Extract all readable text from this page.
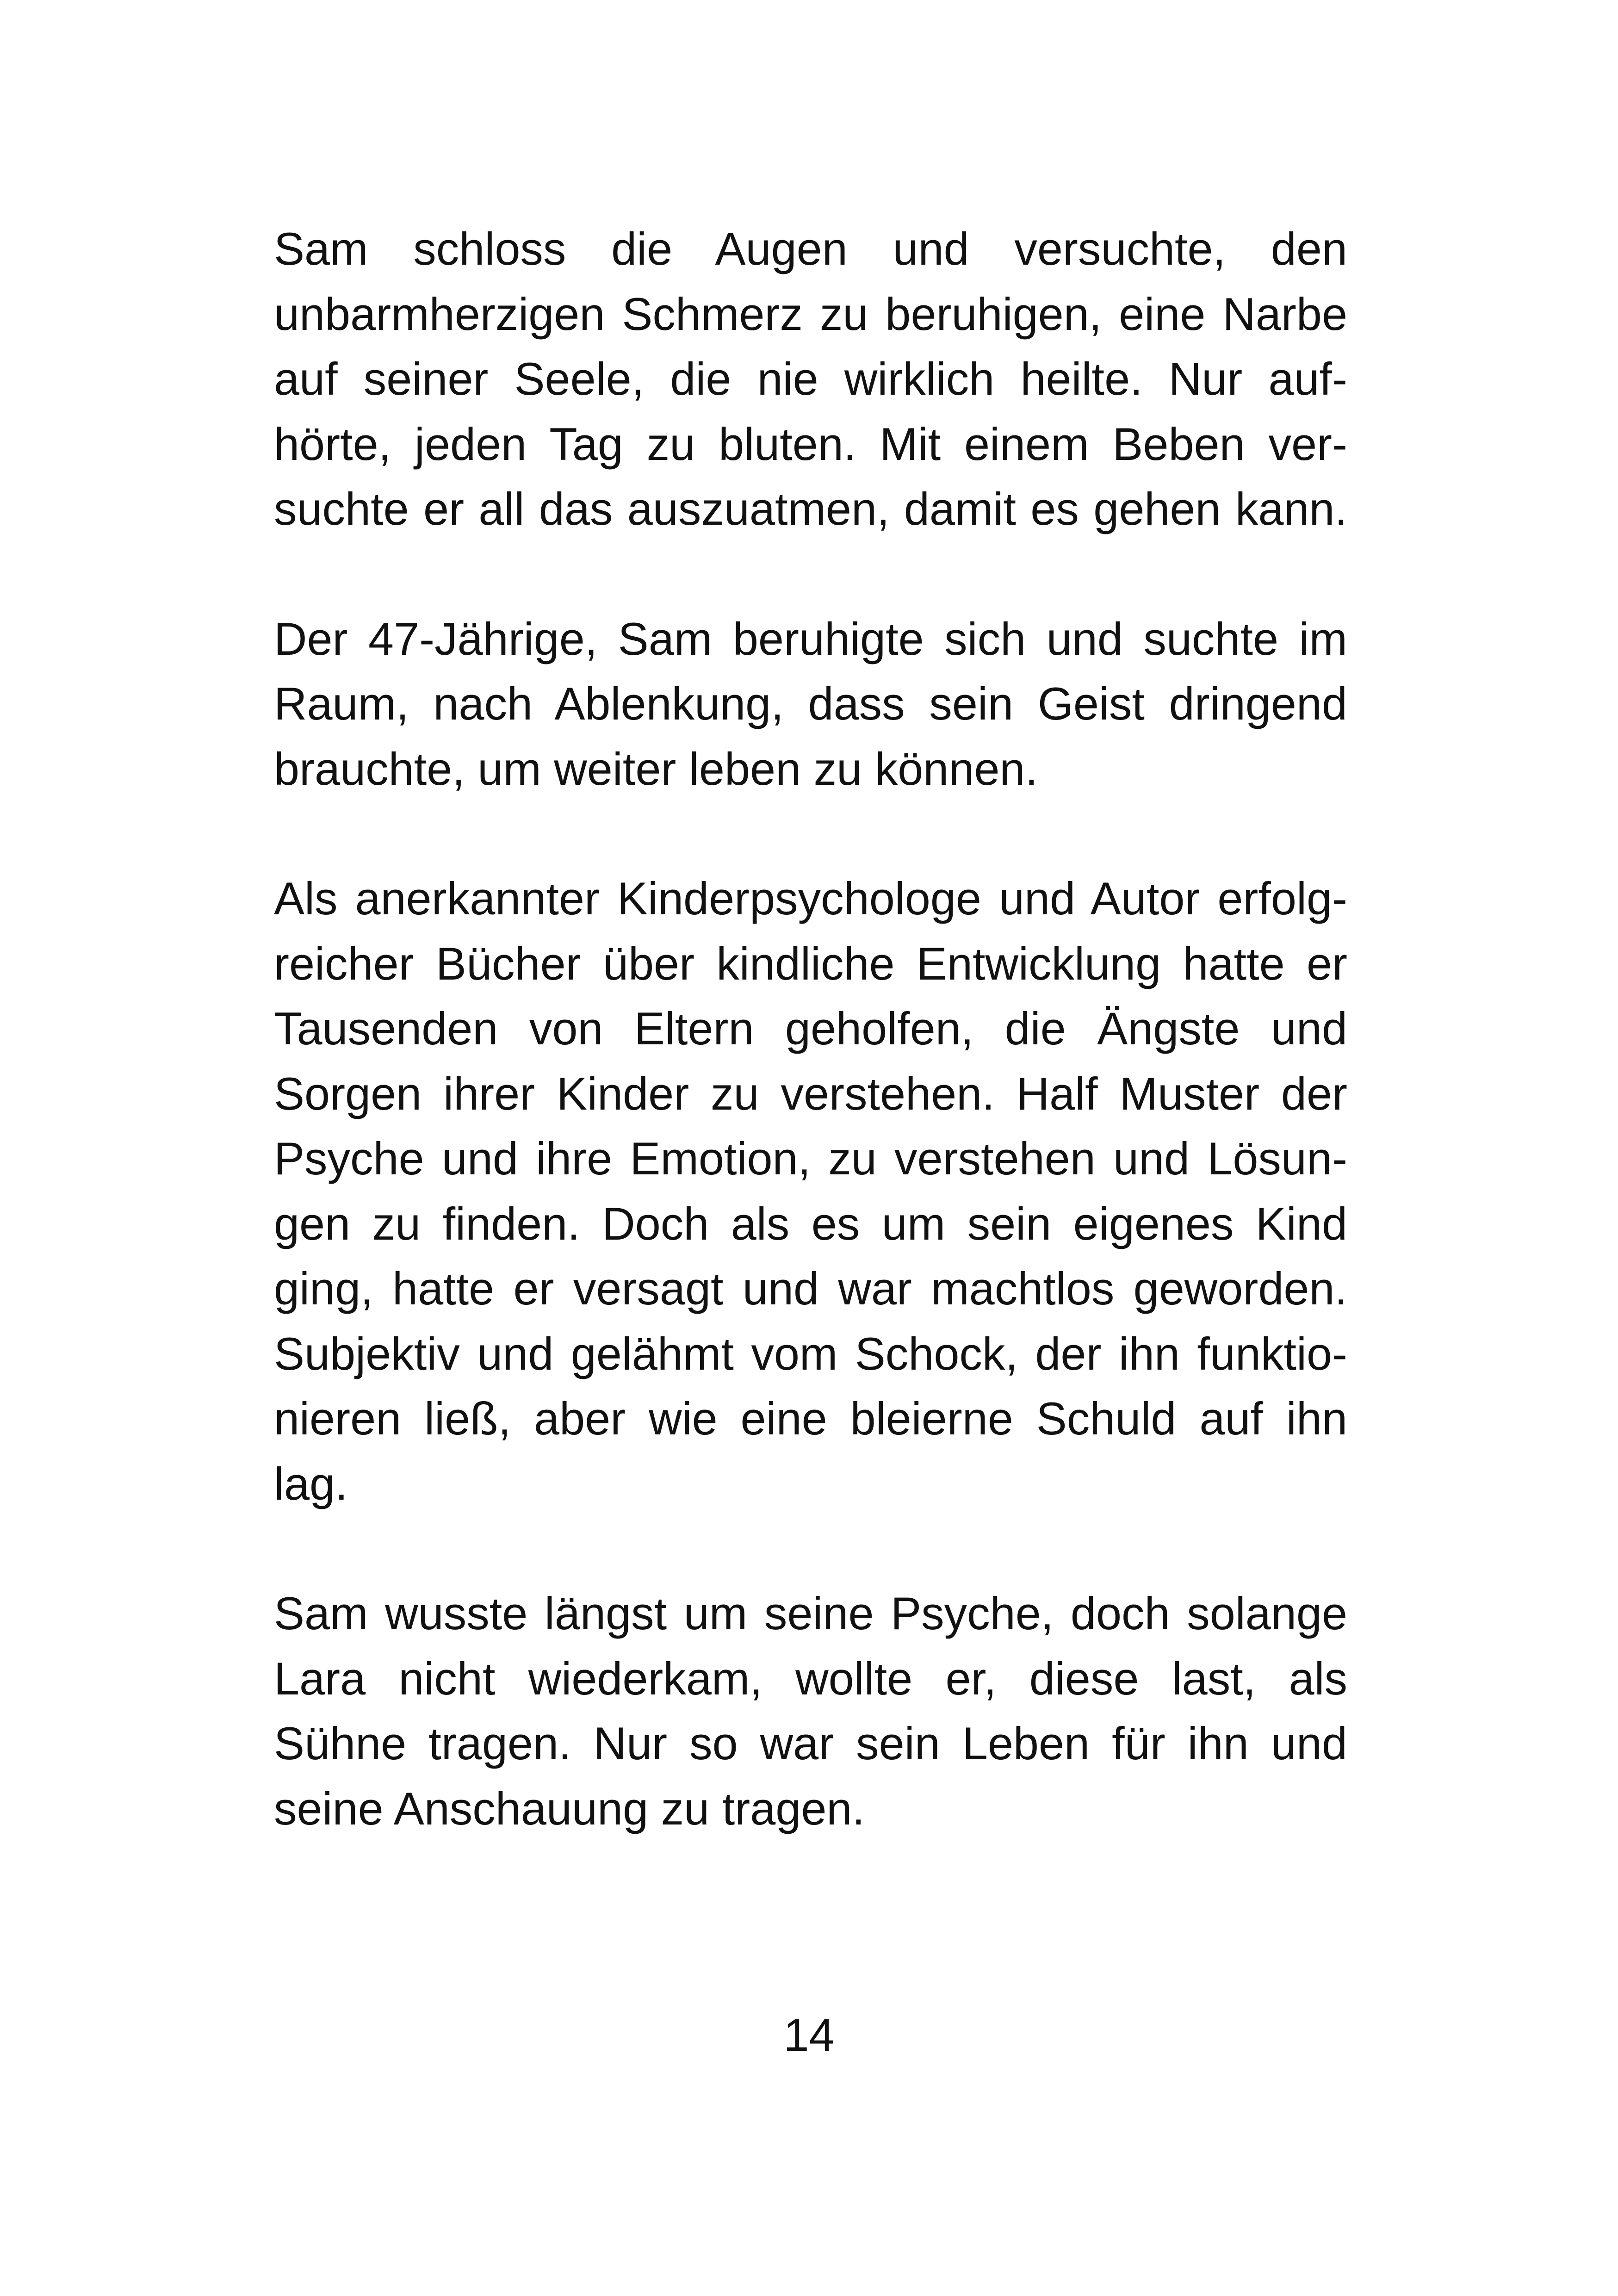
Sam schloss die Augen und versuchte, den
unbarmherzigen Schmerz zu beruhigen, eine Narbe
auf seiner Seele, die nie wirklich heilte. Nur auf-
hörte, jeden Tag zu bluten. Mit einem Beben ver-
suchte er all das auszuatmen, damit es gehen kann.

Der 47-Jährige, Sam beruhigte sich und suchte im
Raum, nach Ablenkung, dass sein Geist dringend
brauchte, um weiter leben zu können.

Als anerkannter Kinderpsychologe und Autor erfolg-
reicher Bücher über kindliche Entwicklung hatte er
Tausenden von Eltern geholfen, die Ängste und
Sorgen ihrer Kinder zu verstehen. Half Muster der
Psyche und ihre Emotion, zu verstehen und Lösun-
gen zu finden. Doch als es um sein eigenes Kind
ging, hatte er versagt und war machtlos geworden.
Subjektiv und gelähmt vom Schock, der ihn funktio-
nieren ließ, aber wie eine bleierne Schuld auf ihn
lag.

Sam wusste längst um seine Psyche, doch solange
Lara nicht wiederkam, wollte er, diese last, als
Sühne tragen. Nur so war sein Leben für ihn und
seine Anschauung zu tragen.

14
